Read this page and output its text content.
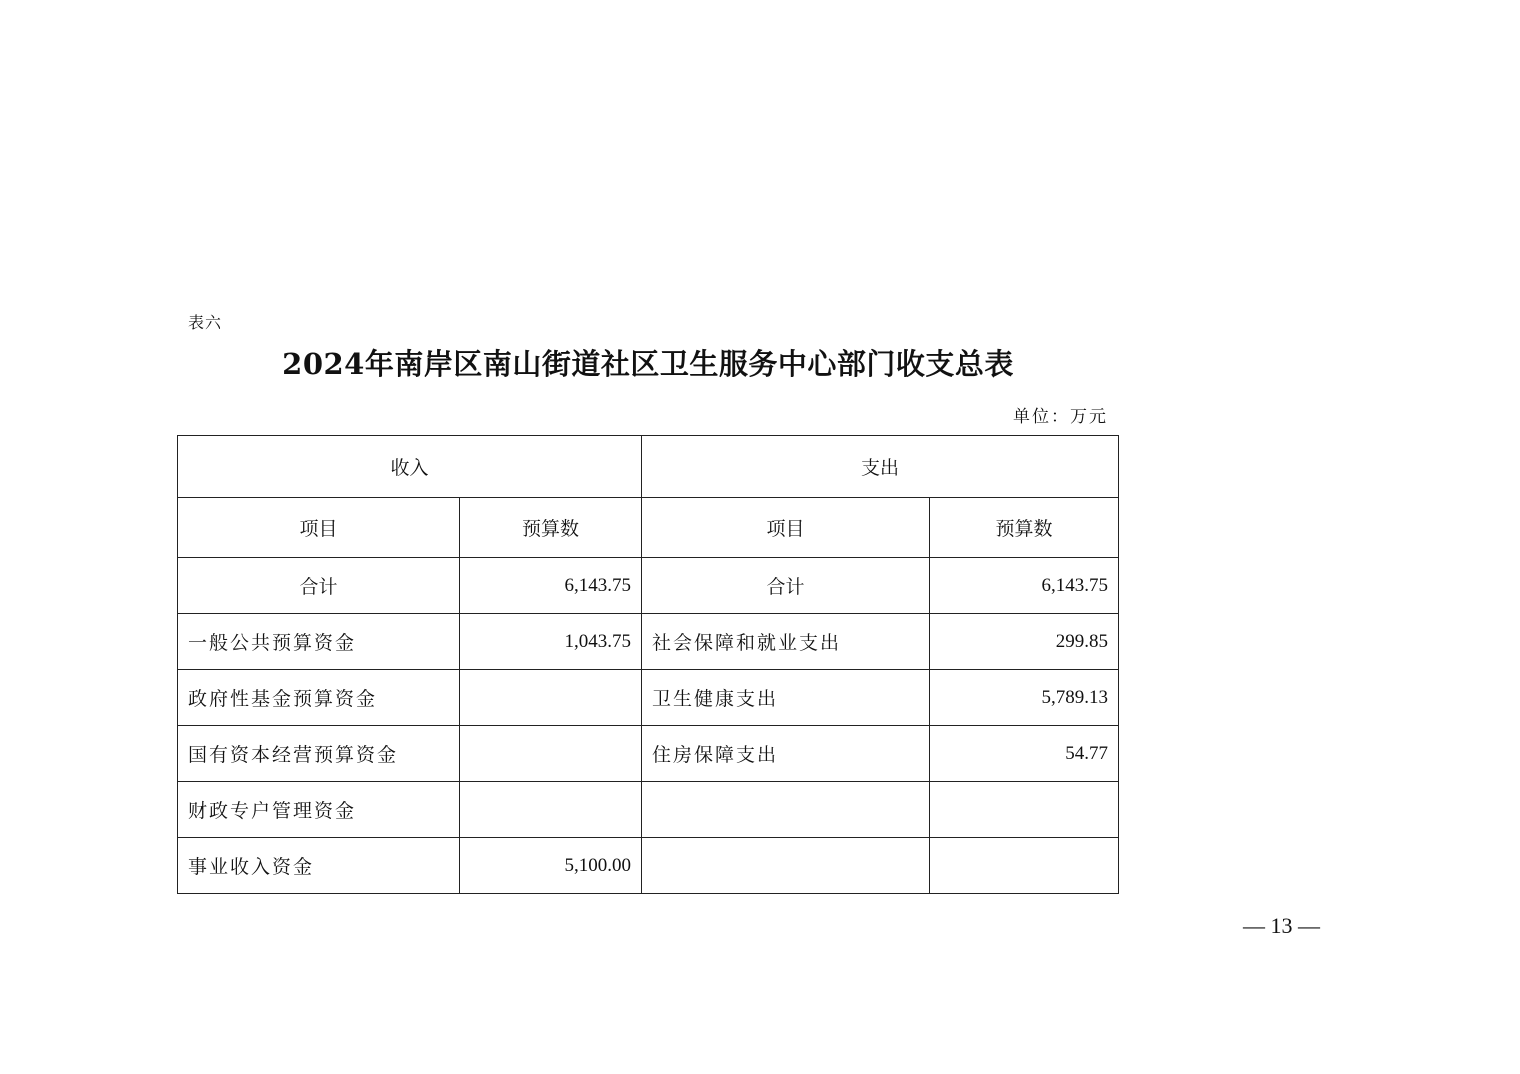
表六
2024年南岸区南山街道社区卫生服务中心部门收支总表
单位：万元
收入		支出	
项目	预算数	项目	预算数
合计	6,143.75	合计	6,143.75
一般公共预算资金	1,043.75	社会保障和就业支出	299.85
政府性基金预算资金		卫生健康支出	5,789.13
国有资本经营预算资金		住房保障支出	54.77
财政专户管理资金			
事业收入资金	5,100.00		
— 13 —
